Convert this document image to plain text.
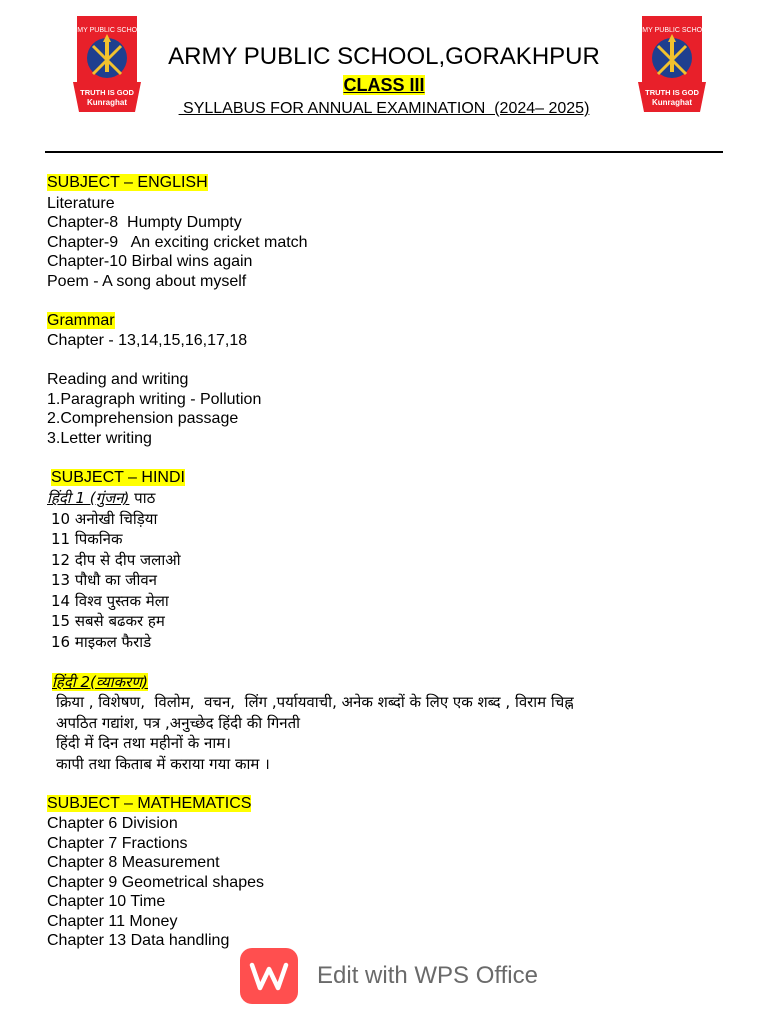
ARMY PUBLIC SCHOOL
TRUTH IS GOD
Kunraghat
ARMY PUBLIC SCHOOL
TRUTH IS GOD
Kunraghat
ARMY PUBLIC SCHOOL,GORAKHPUR
CLASS III
SYLLABUS FOR ANNUAL EXAMINATION  (2024– 2025)
SUBJECT – ENGLISH
Literature
Chapter-8  Humpty Dumpty
Chapter-9   An exciting cricket match
Chapter-10 Birbal wins again
Poem - A song about myself
Grammar
Chapter - 13,14,15,16,17,18
Reading and writing
1.Paragraph writing - Pollution
2.Comprehension passage
3.Letter writing
SUBJECT – HINDI
हिंदी 1 (गुंजन) पाठ
10 अनोखी चिड़िया
11 पिकनिक
12 दीप से दीप जलाओ
13 पौधौ का जीवन
14 विश्व पुस्तक मेला
15 सबसे बढकर हम
16 माइकल फैराडे
हिंदी 2(व्याकरण)
क्रिया , विशेषण,  विलोम,  वचन,  लिंग ,पर्यायवाची, अनेक शब्दों के लिए एक शब्द , विराम चिह्न
अपठित गद्यांश, पत्र ,अनुच्छेद हिंदी की गिनती
हिंदी में दिन तथा महीनों के नाम।
कापी तथा किताब में कराया गया काम ।
SUBJECT – MATHEMATICS
Chapter 6 Division
Chapter 7 Fractions
Chapter 8 Measurement
Chapter 9 Geometrical shapes
Chapter 10 Time
Chapter 11 Money
Chapter 13 Data handling
Edit with WPS Office
